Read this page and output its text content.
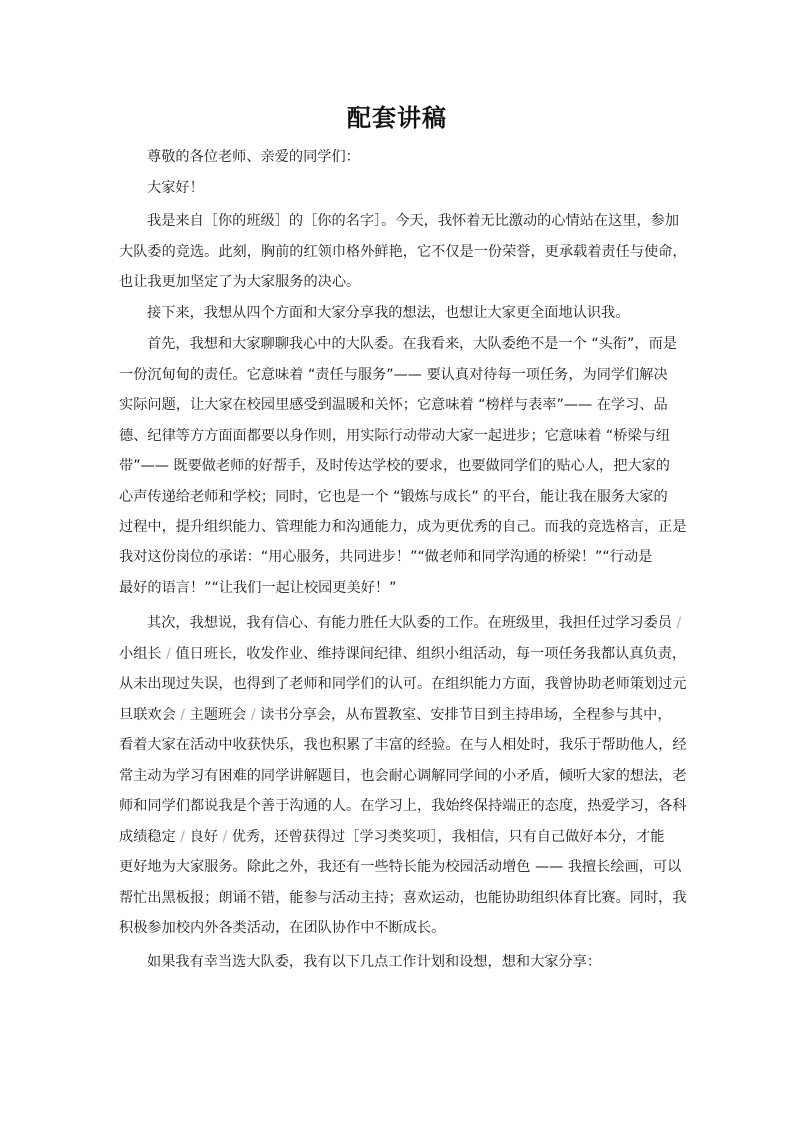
配套讲稿
尊敬的各位老师、亲爱的同学们：
大家好！
我是来自［你的班级］的［你的名字］。今天，我怀着无比激动的心情站在这里，参加
大队委的竞选。此刻，胸前的红领巾格外鲜艳，它不仅是一份荣誉，更承载着责任与使命，
也让我更加坚定了为大家服务的决心。
接下来，我想从四个方面和大家分享我的想法，也想让大家更全面地认识我。
首先，我想和大家聊聊我心中的大队委。在我看来，大队委绝不是一个 “头衔”，而是
一份沉甸甸的责任。它意味着 “责任与服务”—— 要认真对待每一项任务，为同学们解决
实际问题，让大家在校园里感受到温暖和关怀；它意味着 “榜样与表率”—— 在学习、品
德、纪律等方方面面都要以身作则，用实际行动带动大家一起进步；它意味着 “桥梁与纽
带”—— 既要做老师的好帮手，及时传达学校的要求，也要做同学们的贴心人，把大家的
心声传递给老师和学校；同时，它也是一个 “锻炼与成长” 的平台，能让我在服务大家的
过程中，提升组织能力、管理能力和沟通能力，成为更优秀的自己。而我的竞选格言，正是
我对这份岗位的承诺：“用心服务，共同进步！”“做老师和同学沟通的桥梁！”“行动是
最好的语言！”“让我们一起让校园更美好！”
其次，我想说，我有信心、有能力胜任大队委的工作。在班级里，我担任过学习委员 /
小组长 / 值日班长，收发作业、维持课间纪律、组织小组活动，每一项任务我都认真负责，
从未出现过失误，也得到了老师和同学们的认可。在组织能力方面，我曾协助老师策划过元
旦联欢会 / 主题班会 / 读书分享会，从布置教室、安排节目到主持串场，全程参与其中，
看着大家在活动中收获快乐，我也积累了丰富的经验。在与人相处时，我乐于帮助他人，经
常主动为学习有困难的同学讲解题目，也会耐心调解同学间的小矛盾，倾听大家的想法，老
师和同学们都说我是个善于沟通的人。在学习上，我始终保持端正的态度，热爱学习，各科
成绩稳定 / 良好 / 优秀，还曾获得过［学习类奖项］，我相信，只有自己做好本分，才能
更好地为大家服务。除此之外，我还有一些特长能为校园活动增色 —— 我擅长绘画，可以
帮忙出黑板报；朗诵不错，能参与活动主持；喜欢运动，也能协助组织体育比赛。同时，我
积极参加校内外各类活动，在团队协作中不断成长。
如果我有幸当选大队委，我有以下几点工作计划和设想，想和大家分享：
